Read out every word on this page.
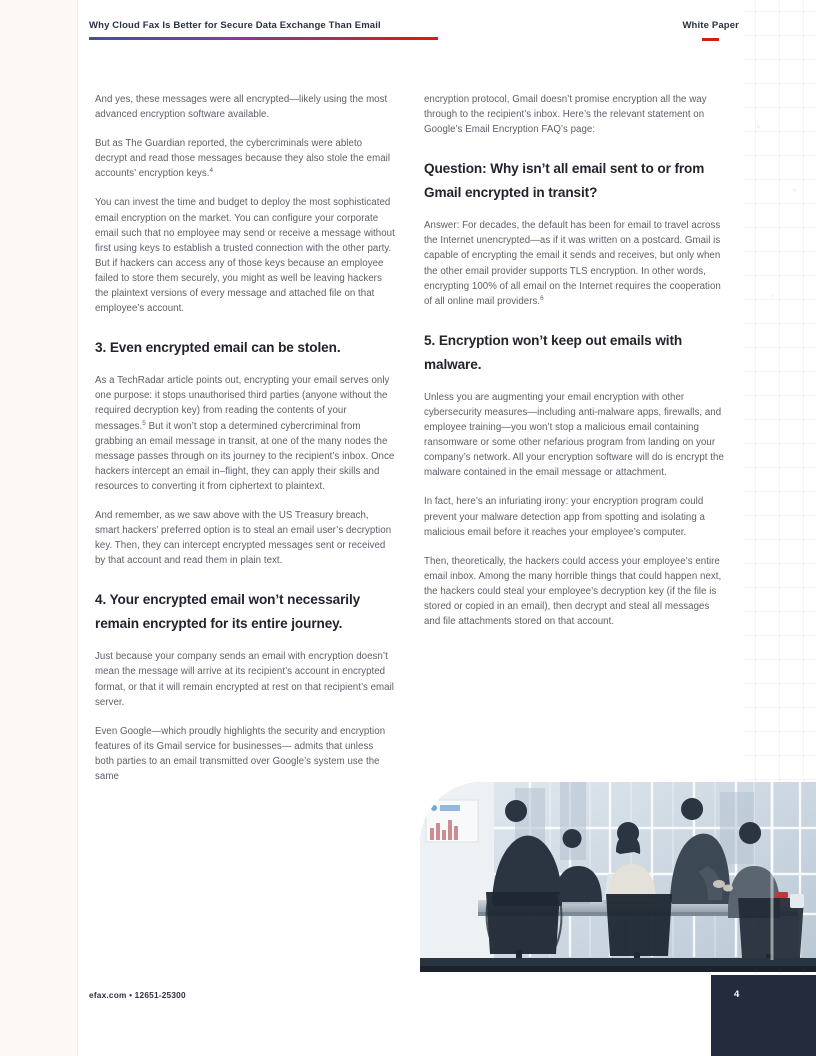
Why Cloud Fax Is Better for Secure Data Exchange Than Email	White Paper

And yes, these messages were all encrypted—likely using the most advanced encryption software available.

But as The Guardian reported, the cybercriminals were ableto decrypt and read those messages because they also stole the email accounts’ encryption keys.$^4$

You can invest the time and budget to deploy the most sophisticated email encryption on the market. You can configure your corporate email such that no employee may send or receive a message without first using keys to establish a trusted connection with the other party. But if hackers can access any of those keys because an employee failed to store them securely, you might as well be leaving hackers the plaintext versions of every message and attached file on that employee’s account.

3. Even encrypted email can be stolen.

As a TechRadar article points out, encrypting your email serves only one purpose: it stops unauthorised third parties (anyone without the required decryption key) from reading the contents of your messages.$^5$ But it won’t stop a determined cybercriminal from grabbing an email message in transit, at one of the many nodes the message passes through on its journey to the recipient’s inbox. Once hackers intercept an email in–flight, they can apply their skills and resources to converting it from ciphertext to plaintext.

And remember, as we saw above with the US Treasury breach, smart hackers’ preferred option is to steal an email user’s decryption key. Then, they can intercept encrypted messages sent or received by that account and read them in plain text.

4. Your encrypted email won’t necessarily remain encrypted for its entire journey.

Just because your company sends an email with encryption doesn’t mean the message will arrive at its recipient’s account in encrypted format, or that it will remain encrypted at rest on that recipient’s email server.

Even Google—which proudly highlights the security and encryption features of its Gmail service for businesses— admits that unless both parties to an email transmitted over Google’s system use the same

encryption protocol, Gmail doesn’t promise encryption all the way through to the recipient’s inbox. Here’s the relevant statement on Google’s Email Encryption FAQ’s page:

Question: Why isn’t all email sent to or from Gmail encrypted in transit?

Answer: For decades, the default has been for email to travel across the Internet unencrypted—as if it was written on a postcard. Gmail is capable of encrypting the email it sends and receives, but only when the other email provider supports TLS encryption. In other words, encrypting 100% of all email on the Internet requires the cooperation of all online mail providers.$^6$

5. Encryption won’t keep out emails with malware.

Unless you are augmenting your email encryption with other cybersecurity measures—including anti-malware apps, firewalls, and employee training—you won’t stop a malicious email containing ransomware or some other nefarious program from landing on your company’s network. All your encryption software will do is encrypt the malware contained in the email message or attachment.

In fact, here’s an infuriating irony: your encryption program could prevent your malware detection app from spotting and isolating a malicious email before it reaches your employee’s computer.

Then, theoretically, the hackers could access your employee’s entire email inbox. Among the many horrible things that could happen next, the hackers could steal your employee’s decryption key (if the file is stored or copied in an email), then decrypt and steal all messages and file attachments stored on that account.

efax.com • 12651-25300	4
